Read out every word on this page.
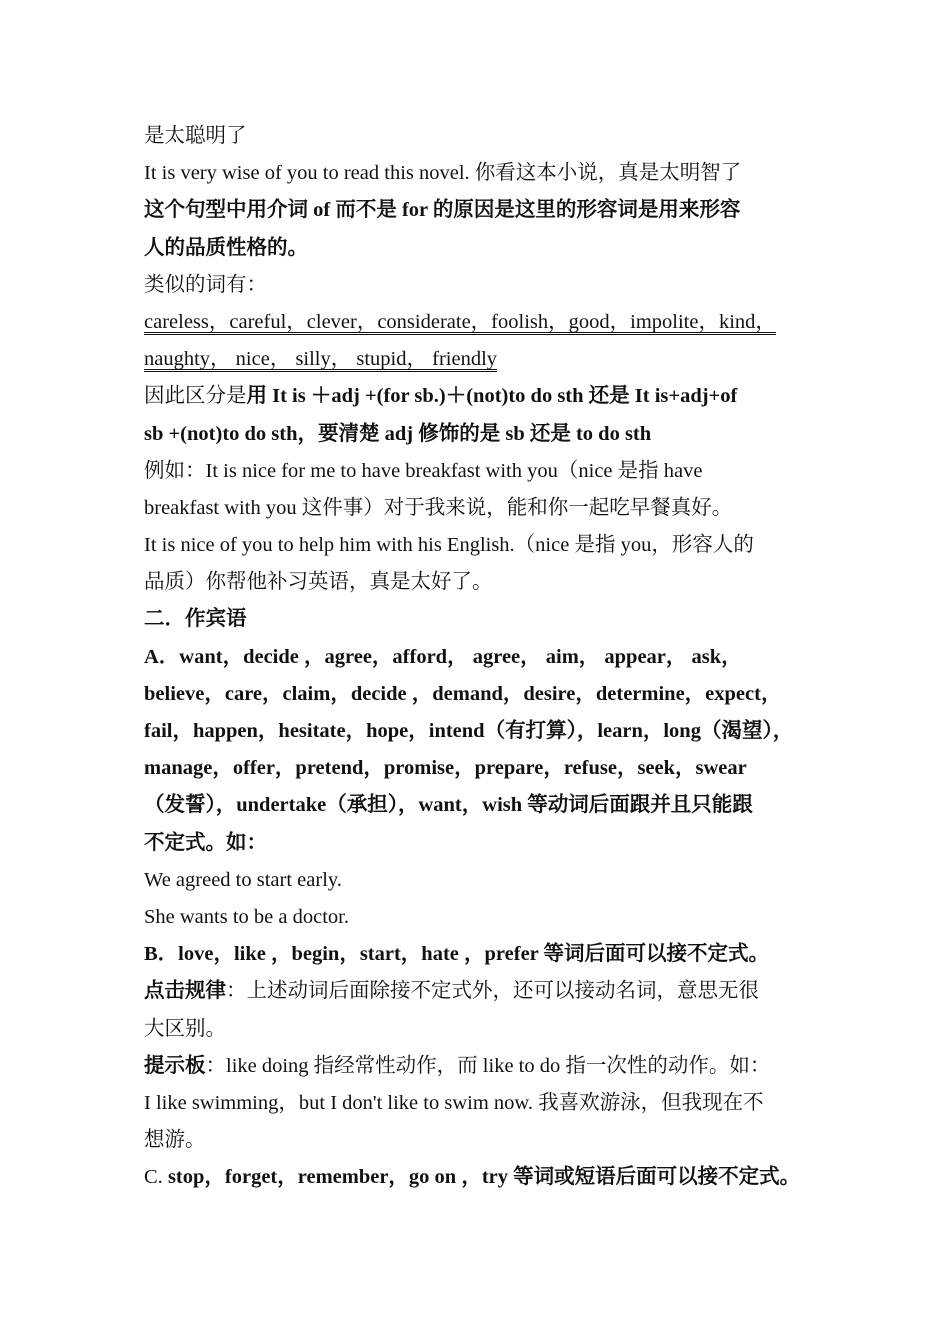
是太聪明了
It is very wise of you to read this novel. 你看这本小说，真是太明智了
这个句型中用介词 of 而不是 for 的原因是这里的形容词是用来形容
人的品质性格的。
类似的词有：
careless，careful，clever，considerate，foolish，good，impolite，kind，
naughty， nice， silly， stupid， friendly
因此区分是用 It is ＋adj +(for sb.)＋(not)to do sth 还是 It is+adj+of
sb +(not)to do sth，要清楚 adj 修饰的是 sb 还是 to do sth
例如：It is nice for me to have breakfast with you（nice 是指 have
breakfast with you 这件事）对于我来说，能和你一起吃早餐真好。
It is nice of you to help him with his English.（nice 是指 you，形容人的
品质）你帮他补习英语，真是太好了。
二．作宾语
A．want，decide ，agree，afford， agree， aim， appear， ask，
believe，care，claim，decide ，demand，desire，determine，expect，
fail，happen，hesitate，hope，intend（有打算），learn，long（渴望），
manage，offer，pretend，promise，prepare，refuse，seek，swear
（发誓），undertake（承担），want，wish 等动词后面跟并且只能跟
不定式。如：
We agreed to start early.
She wants to be a doctor.
B．love，like ，begin，start，hate ，prefer 等词后面可以接不定式。
点击规律：上述动词后面除接不定式外，还可以接动名词，意思无很
大区别。
提示板：like doing 指经常性动作，而 like to do 指一次性的动作。如：
I like swimming，but I don't like to swim now. 我喜欢游泳，但我现在不
想游。
C. stop，forget，remember，go on ，try 等词或短语后面可以接不定式。
